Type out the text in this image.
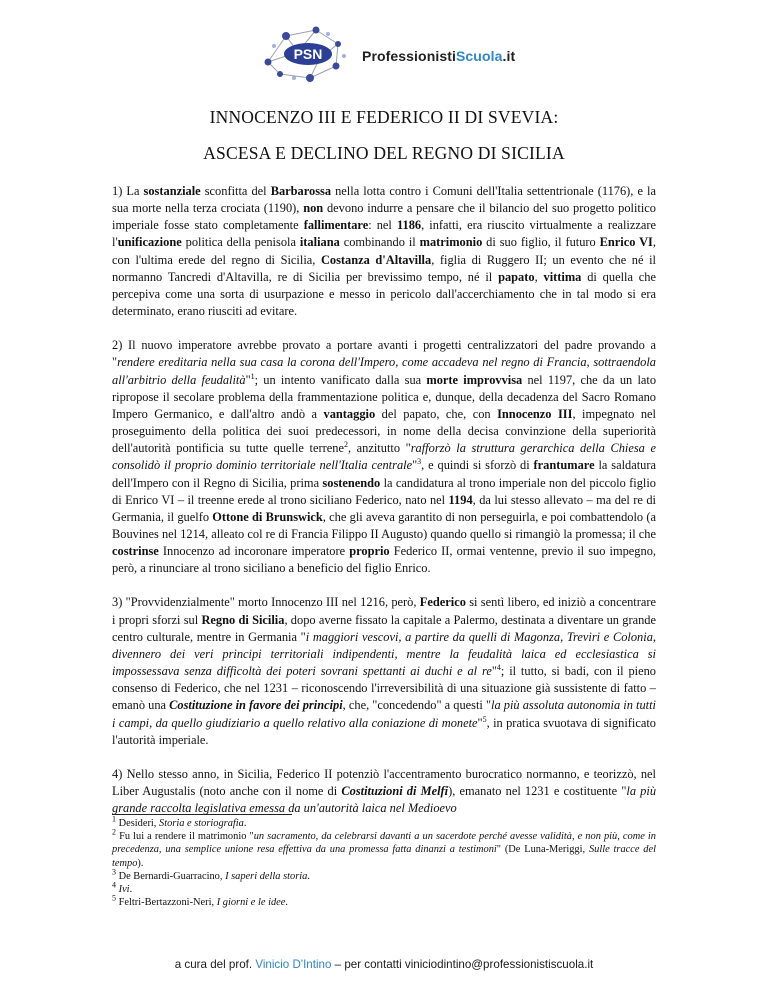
PSN	ProfessionistiScuola.it
INNOCENZO III E FEDERICO II DI SVEVIA:
ASCESA E DECLINO DEL REGNO DI SICILIA

1) La sostanziale sconfitta del Barbarossa nella lotta contro i Comuni dell'Italia settentrionale (1176), e la sua morte nella terza crociata (1190), non devono indurre a pensare che il bilancio del suo progetto politico imperiale fosse stato completamente fallimentare: nel 1186, infatti, era riuscito virtualmente a realizzare l'unificazione politica della penisola italiana combinando il matrimonio di suo figlio, il futuro Enrico VI, con l'ultima erede del regno di Sicilia, Costanza d'Altavilla, figlia di Ruggero II; un evento che né il normanno Tancredi d'Altavilla, re di Sicilia per brevissimo tempo, né il papato, vittima di quella che percepiva come una sorta di usurpazione e messo in pericolo dall'accerchiamento che in tal modo si era determinato, erano riusciti ad evitare.

2) Il nuovo imperatore avrebbe provato a portare avanti i progetti centralizzatori del padre provando a "rendere ereditaria nella sua casa la corona dell'Impero, come accadeva nel regno di Francia, sottraendola all'arbitrio della feudalità"$^1$; un intento vanificato dalla sua morte improvvisa nel 1197, che da un lato ripropose il secolare problema della frammentazione politica e, dunque, della decadenza del Sacro Romano Impero Germanico, e dall'altro andò a vantaggio del papato, che, con Innocenzo III, impegnato nel proseguimento della politica dei suoi predecessori, in nome della decisa convinzione della superiorità dell'autorità pontificia su tutte quelle terrene$^2$, anzitutto "rafforzò la struttura gerarchica della Chiesa e consolidò il proprio dominio territoriale nell'Italia centrale"$^3$, e quindi si sforzò di frantumare la saldatura dell'Impero con il Regno di Sicilia, prima sostenendo la candidatura al trono imperiale non del piccolo figlio di Enrico VI – il treenne erede al trono siciliano Federico, nato nel 1194, da lui stesso allevato – ma del re di Germania, il guelfo Ottone di Brunswick, che gli aveva garantito di non perseguirla, e poi combattendolo (a Bouvines nel 1214, alleato col re di Francia Filippo II Augusto) quando quello si rimangiò la promessa; il che costrinse Innocenzo ad incoronare imperatore proprio Federico II, ormai ventenne, previo il suo impegno, però, a rinunciare al trono siciliano a beneficio del figlio Enrico.

3) "Provvidenzialmente" morto Innocenzo III nel 1216, però, Federico si sentì libero, ed iniziò a concentrare i propri sforzi sul Regno di Sicilia, dopo averne fissato la capitale a Palermo, destinata a diventare un grande centro culturale, mentre in Germania "i maggiori vescovi, a partire da quelli di Magonza, Treviri e Colonia, divennero dei veri principi territoriali indipendenti, mentre la feudalità laica ed ecclesiastica si impossessava senza difficoltà dei poteri sovrani spettanti ai duchi e al re"$^4$; il tutto, si badi, con il pieno consenso di Federico, che nel 1231 – riconoscendo l'irreversibilità di una situazione già sussistente di fatto – emanò una Costituzione in favore dei principi, che, "concedendo" a questi "la più assoluta autonomia in tutti i campi, da quello giudiziario a quello relativo alla coniazione di monete"$^5$, in pratica svuotava di significato l'autorità imperiale.

4) Nello stesso anno, in Sicilia, Federico II potenziò l'accentramento burocratico normanno, e teorizzò, nel Liber Augustalis (noto anche con il nome di Costituzioni di Melfi), emanato nel 1231 e costituente "la più grande raccolta legislativa emessa da un'autorità laica nel Medioevo

$^1$ Desideri, Storia e storiografia.

$^2$ Fu lui a rendere il matrimonio "un sacramento, da celebrarsi davanti a un sacerdote perché avesse validità, e non più, come in precedenza, una semplice unione resa effettiva da una promessa fatta dinanzi a testimoni" (De Luna-Meriggi, Sulle tracce del tempo).

$^3$ De Bernardi-Guarracino, I saperi della storia.

$^4$ Ivi.

$^5$ Feltri-Bertazzoni-Neri, I giorni e le idee.

a cura del prof. Vinicio D'Intino – per contatti viniciodintino@professionistiscuola.it
